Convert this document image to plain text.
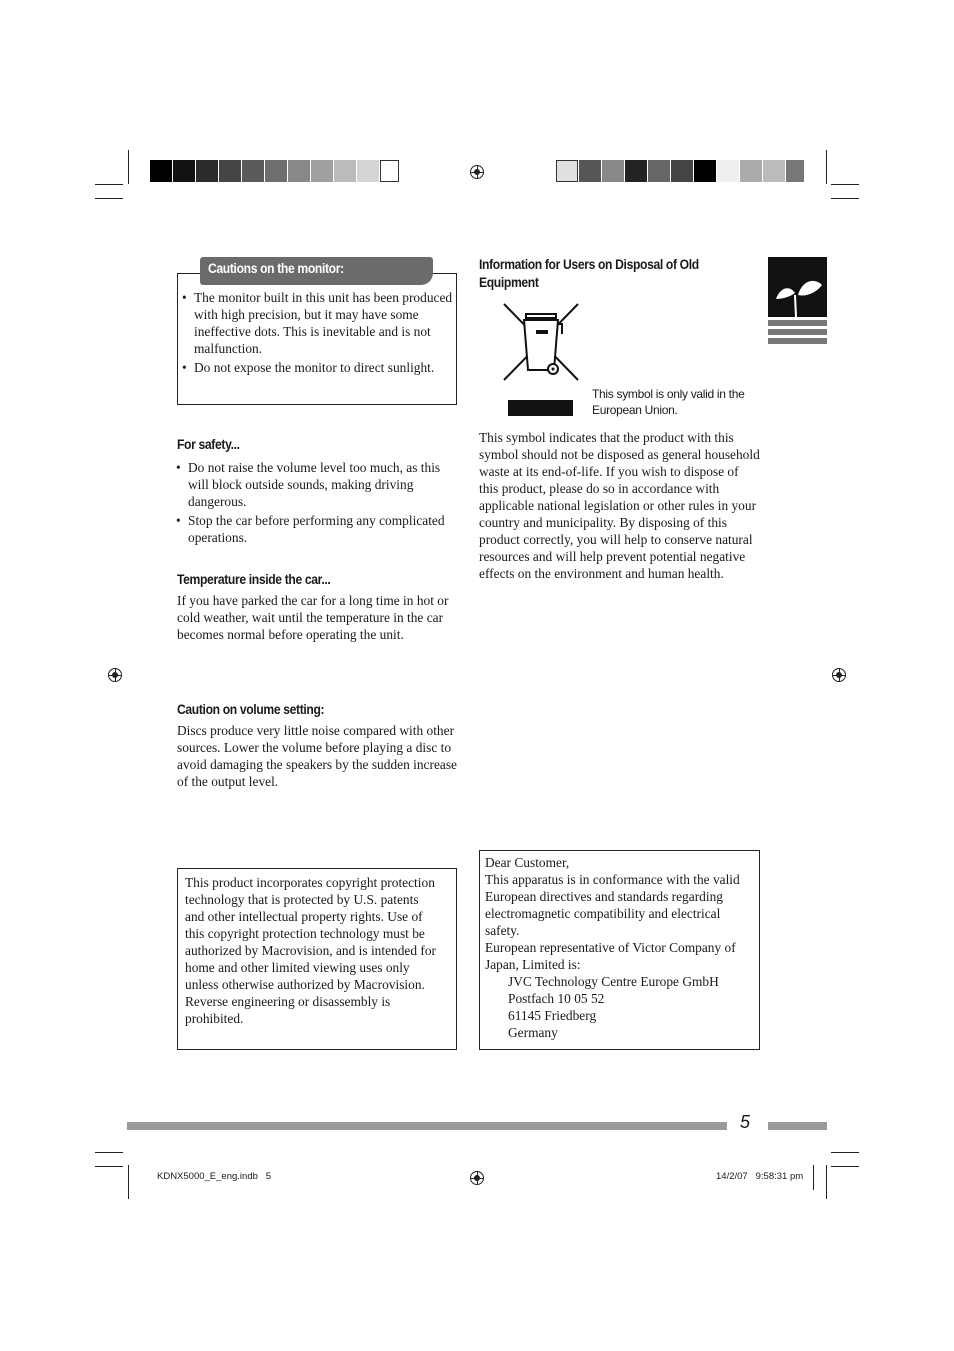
Cautions on the monitor:
• The monitor built in this unit has been produced with high precision, but it may have some ineffective dots. This is inevitable and is not malfunction.
• Do not expose the monitor to direct sunlight.
For safety...
• Do not raise the volume level too much, as this will block outside sounds, making driving dangerous.
• Stop the car before performing any complicated operations.
Temperature inside the car...
If you have parked the car for a long time in hot or cold weather, wait until the temperature in the car becomes normal before operating the unit.
Caution on volume setting:
Discs produce very little noise compared with other sources. Lower the volume before playing a disc to avoid damaging the speakers by the sudden increase of the output level.
This product incorporates copyright protection technology that is protected by U.S. patents and other intellectual property rights. Use of this copyright protection technology must be authorized by Macrovision, and is intended for home and other limited viewing uses only unless otherwise authorized by Macrovision. Reverse engineering or disassembly is prohibited.
Information for Users on Disposal of Old Equipment
This symbol is only valid in the European Union.
This symbol indicates that the product with this symbol should not be disposed as general household waste at its end-of-life. If you wish to dispose of this product, please do so in accordance with applicable national legislation or other rules in your country and municipality. By disposing of this product correctly, you will help to conserve natural resources and will help prevent potential negative effects on the environment and human health.
Dear Customer,
This apparatus is in conformance with the valid European directives and standards regarding electromagnetic compatibility and electrical safety.
European representative of Victor Company of Japan, Limited is:
JVC Technology Centre Europe GmbH
Postfach 10 05 52
61145 Friedberg
Germany
5
KDNX5000_E_eng.indb   5	14/2/07   9:58:31 pm
